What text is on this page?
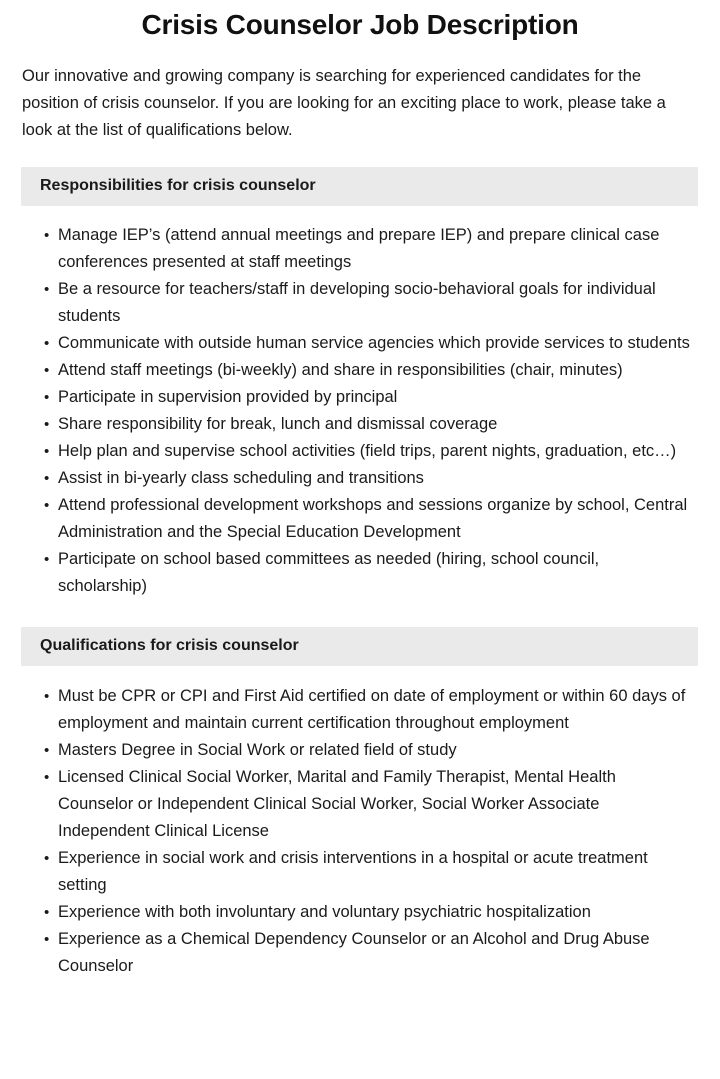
Crisis Counselor Job Description

Our innovative and growing company is searching for experienced candidates for the position of crisis counselor. If you are looking for an exciting place to work, please take a look at the list of qualifications below.

Responsibilities for crisis counselor
• Manage IEP’s (attend annual meetings and prepare IEP) and prepare clinical case conferences presented at staff meetings
• Be a resource for teachers/staff in developing socio-behavioral goals for individual students
• Communicate with outside human service agencies which provide services to students
• Attend staff meetings (bi-weekly) and share in responsibilities (chair, minutes)
• Participate in supervision provided by principal
• Share responsibility for break, lunch and dismissal coverage
• Help plan and supervise school activities (field trips, parent nights, graduation, etc…)
• Assist in bi-yearly class scheduling and transitions
• Attend professional development workshops and sessions organize by school, Central Administration and the Special Education Development
• Participate on school based committees as needed (hiring, school council, scholarship)
Qualifications for crisis counselor
• Must be CPR or CPI and First Aid certified on date of employment or within 60 days of employment and maintain current certification throughout employment
• Masters Degree in Social Work or related field of study
• Licensed Clinical Social Worker, Marital and Family Therapist, Mental Health Counselor or Independent Clinical Social Worker, Social Worker Associate Independent Clinical License
• Experience in social work and crisis interventions in a hospital or acute treatment setting
• Experience with both involuntary and voluntary psychiatric hospitalization
• Experience as a Chemical Dependency Counselor or an Alcohol and Drug Abuse Counselor
